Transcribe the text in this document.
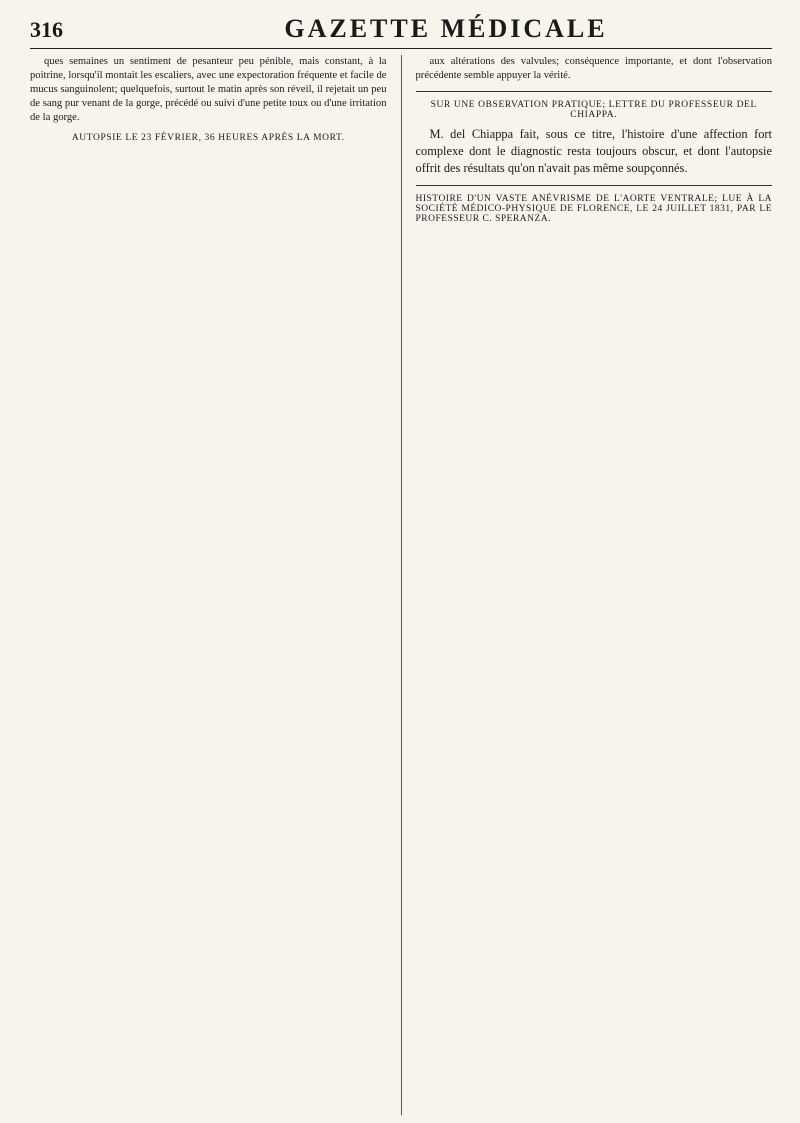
316	GAZETTE MÉDICALE

ques semaines un sentiment de pesanteur peu pénible, mais constant, à la poitrine, lorsqu'il montait les escaliers, avec une expectoration fréquente et facile de mucus sanguinolent; quelquefois, surtout le matin après son réveil, il rejetait un peu de sang pur venant de la gorge, précédé ou suivi d'une petite toux ou d'une irritation de la gorge.

AUTOPSIE LE 23 FÉVRIER, 36 HEURES APRÈS LA MORT.

aux altérations des valvules; conséquence importante, et dont l'observation précédente semble appuyer la vérité.

SUR UNE OBSERVATION PRATIQUE; LETTRE DU PROFESSEUR DEL CHIAPPA.

M. del Chiappa fait, sous ce titre, l'histoire d'une affection fort complexe dont le diagnostic resta toujours obscur, et dont l'autopsie offrit des résultats qu'on n'avait pas même soupçonnés.

HISTOIRE D'UN VASTE ANÉVRISME DE L'AORTE VENTRALE; LUE À LA SOCIÉTÉ MÉDICO-PHYSIQUE DE FLORENCE, LE 24 JUILLET 1831, PAR LE PROFESSEUR C. SPERANZA.
